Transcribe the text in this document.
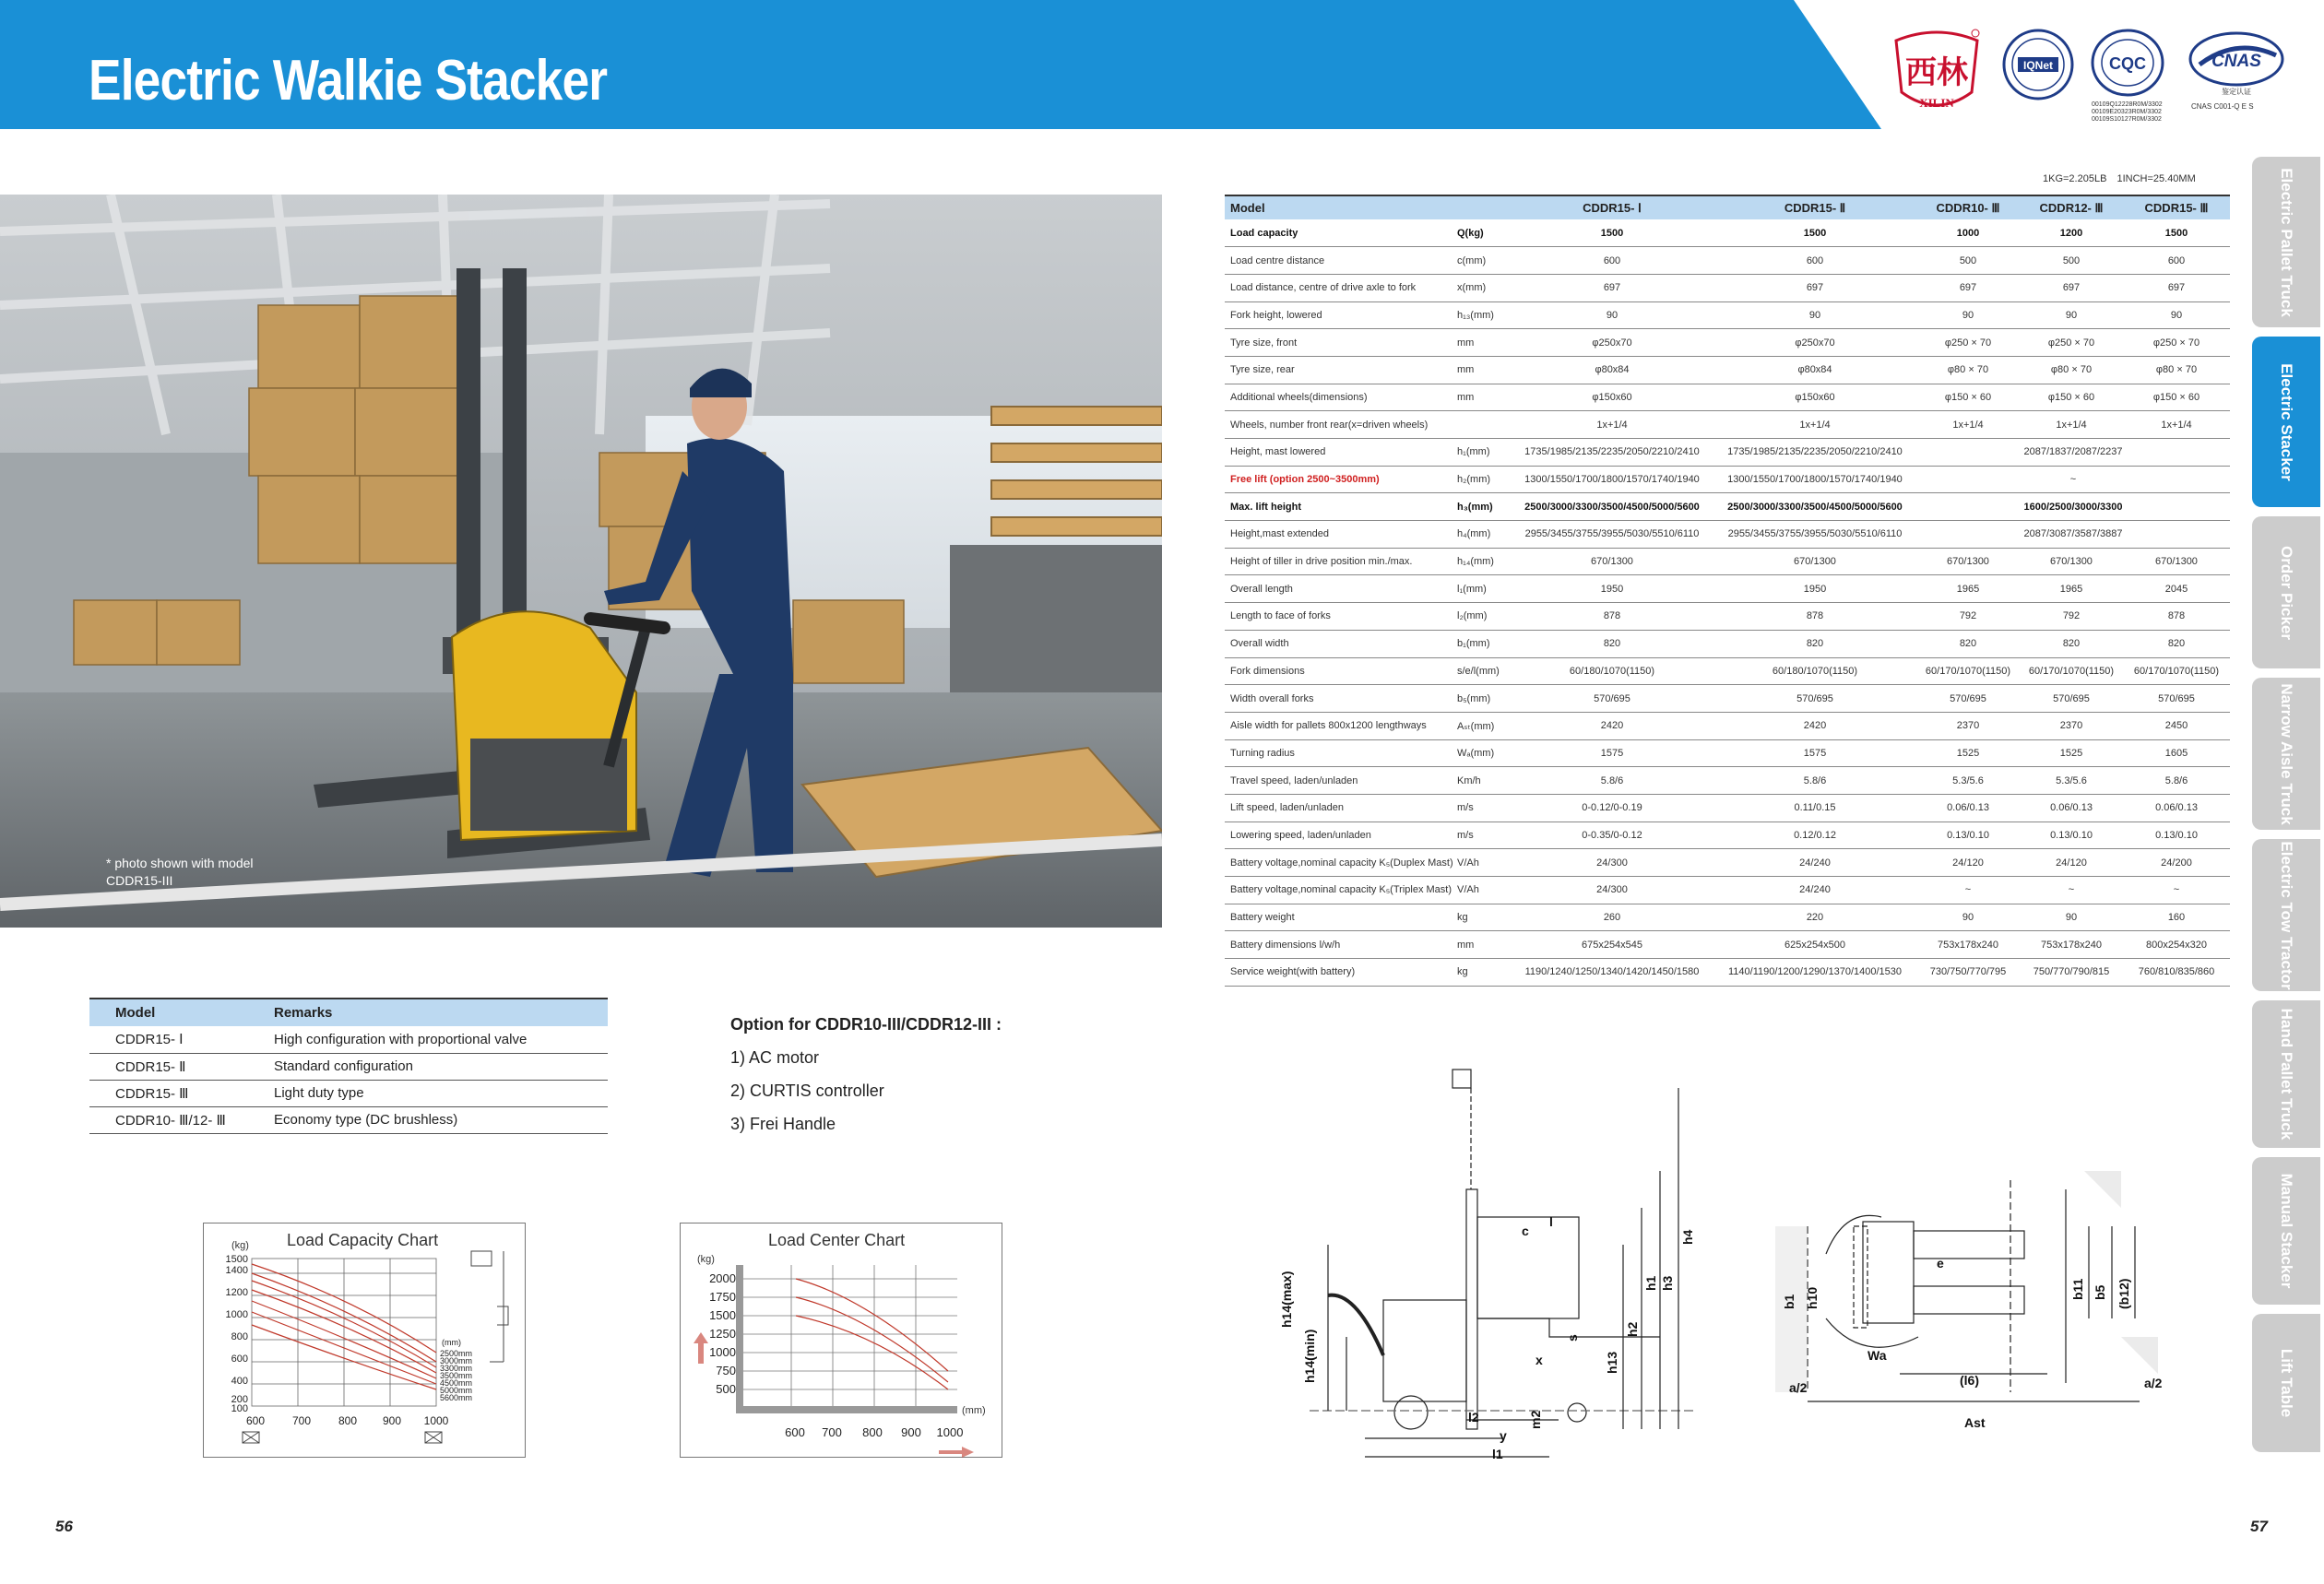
Electric Walkie Stacker	西林
XILIN
IQNet	CQC	CNAS
鉴定认证
00109Q12228R0M/3302
00109E20323R0M/3302
00109S10127R0M/3302
CNAS C001-Q E S
* photo shown with model
CDDR15-III
Model	Remarks
CDDR15- Ⅰ	High configuration with proportional valve
CDDR15- Ⅱ	Standard configuration
CDDR15- Ⅲ	Light duty type
CDDR10- Ⅲ/12- Ⅲ	Economy type (DC brushless)
Option for CDDR10-III/CDDR12-III :
1) AC motor
2) CURTIS controller
3) Frei Handle
Load Capacity Chart
(kg)
1500
1400
1200
1000
800
600
400
200
100
600 700 800 900 1000
(mm)
2500mm
3000mm
3300mm
3500mm
4500mm
5000mm
5600mm
Load Center Chart
(kg)
2000
1750
1500
1250
1000
750
500
600 700 800 900 1000
(mm)
1KG=2.205LB 1INCH=25.40MM
Model		CDDR15- Ⅰ	CDDR15- Ⅱ	CDDR10- Ⅲ	CDDR12- Ⅲ	CDDR15- Ⅲ
Load capacity	Q(kg)	1500	1500	1000	1200	1500
Load centre distance	c(mm)	600	600	500	500	600
Load distance, centre of drive axle to fork	x(mm)	697	697	697	697	697
Fork height, lowered	h₁₃(mm)	90	90	90	90	90
Tyre size, front	mm	φ250x70	φ250x70	φ250 × 70	φ250 × 70	φ250 × 70
Tyre size, rear	mm	φ80x84	φ80x84	φ80 × 70	φ80 × 70	φ80 × 70
Additional wheels(dimensions)	mm	φ150x60	φ150x60	φ150 × 60	φ150 × 60	φ150 × 60
Wheels, number front rear(x=driven wheels)		1x+1/4	1x+1/4	1x+1/4	1x+1/4	1x+1/4
Height, mast lowered	h₁(mm)	1735/1985/2135/2235/2050/2210/2410	1735/1985/2135/2235/2050/2210/2410	2087/1837/2087/2237		
Free lift (option 2500~3500mm)	h₂(mm)	1300/1550/1700/1800/1570/1740/1940	1300/1550/1700/1800/1570/1740/1940	~		
Max. lift height	h₃(mm)	2500/3000/3300/3500/4500/5000/5600	2500/3000/3300/3500/4500/5000/5600	1600/2500/3000/3300		
Height,mast extended	h₄(mm)	2955/3455/3755/3955/5030/5510/6110	2955/3455/3755/3955/5030/5510/6110	2087/3087/3587/3887		
Height of tiller in drive position min./max.	h₁₄(mm)	670/1300	670/1300	670/1300	670/1300	670/1300
Overall length	l₁(mm)	1950	1950	1965	1965	2045
Length to face of forks	l₂(mm)	878	878	792	792	878
Overall width	b₁(mm)	820	820	820	820	820
Fork dimensions	s/e/l(mm)	60/180/1070(1150)	60/180/1070(1150)	60/170/1070(1150)	60/170/1070(1150)	60/170/1070(1150)
Width overall forks	b₅(mm)	570/695	570/695	570/695	570/695	570/695
Aisle width for pallets 800x1200 lengthways	Aₛₜ(mm)	2420	2420	2370	2370	2450
Turning radius	Wₐ(mm)	1575	1575	1525	1525	1605
Travel speed, laden/unladen	Km/h	5.8/6	5.8/6	5.3/5.6	5.3/5.6	5.8/6
Lift speed, laden/unladen	m/s	0-0.12/0-0.19	0.11/0.15	0.06/0.13	0.06/0.13	0.06/0.13
Lowering speed, laden/unladen	m/s	0-0.35/0-0.12	0.12/0.12	0.13/0.10	0.13/0.10	0.13/0.10
Battery voltage,nominal capacity K₅(Duplex Mast)	V/Ah	24/300	24/240	24/120	24/120	24/200
Battery voltage,nominal capacity K₅(Triplex Mast)	V/Ah	24/300	24/240	~	~	~
Battery weight	kg	260	220	90	90	160
Battery dimensions l/w/h	mm	675x254x545	625x254x500	753x178x240	753x178x240	800x254x320
Service weight(with battery)	kg	1190/1240/1250/1340/1420/1450/1580	1140/1190/1200/1290/1370/1400/1530	730/750/770/795	750/770/790/815	760/810/835/860
Electric Pallet Truck
Electric Stacker
Order Picker
Narrow Aisle Truck
Electric Tow Tractor
Hand Pallet Truck
Manual Stacker
Lift Table
h14(max)
h14(min)
h1
h2
h3
h4
h13
s
c
l
x
m2
l2
y
l1
b1 h10	b11 b5 (b12)
e
Wa
(l6)
a/2	a/2
Ast
56	57
